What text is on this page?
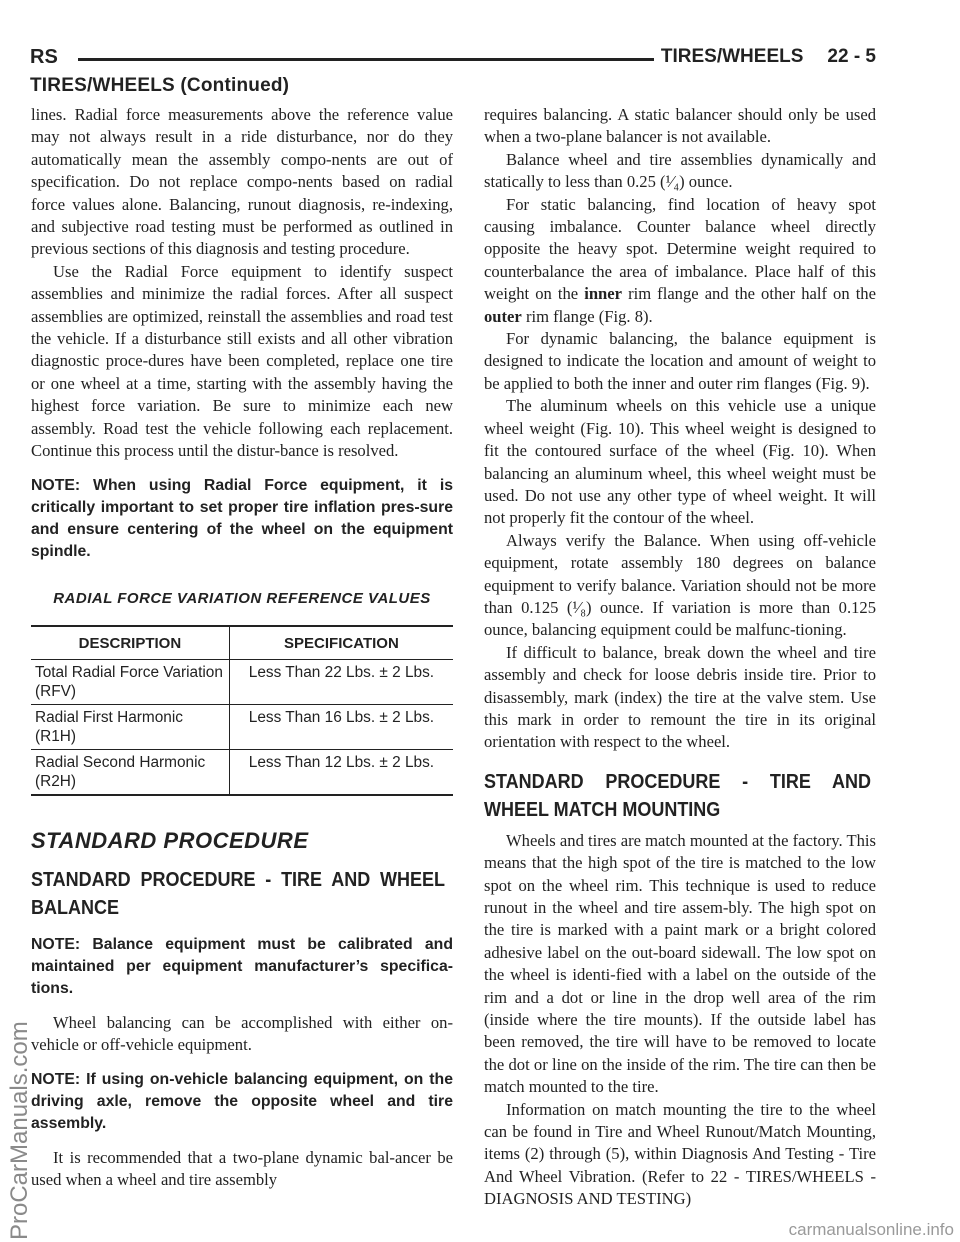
RS	TIRES/WHEELS 22 - 5
TIRES/WHEELS (Continued)

lines. Radial force measurements above the reference value may not always result in a ride disturbance, nor do they automatically mean the assembly compo-nents are out of specification. Do not replace compo-nents based on radial force values alone. Balancing, runout diagnosis, re-indexing, and subjective road testing must be performed as outlined in previous sections of this diagnosis and testing procedure.

Use the Radial Force equipment to identify suspect assemblies and minimize the radial forces. After all suspect assemblies are optimized, reinstall the assemblies and road test the vehicle. If a disturbance still exists and all other vibration diagnostic proce-dures have been completed, replace one tire or one wheel at a time, starting with the assembly having the highest force variation. Be sure to minimize each new assembly. Road test the vehicle following each replacement. Continue this process until the distur-bance is resolved.

NOTE: When using Radial Force equipment, it is critically important to set proper tire inflation pres-sure and ensure centering of the wheel on the equipment spindle.

RADIAL FORCE VARIATION REFERENCE VALUES
DESCRIPTION	SPECIFICATION
Total Radial Force Variation (RFV)	Less Than 22 Lbs. ± 2 Lbs.
Radial First Harmonic (R1H)	Less Than 16 Lbs. ± 2 Lbs.
Radial Second Harmonic (R2H)	Less Than 12 Lbs. ± 2 Lbs.
STANDARD PROCEDURE
STANDARD PROCEDURE - TIRE AND WHEEL BALANCE

NOTE: Balance equipment must be calibrated and maintained per equipment manufacturer’s specifica-tions.

Wheel balancing can be accomplished with either on-vehicle or off-vehicle equipment.

NOTE: If using on-vehicle balancing equipment, on the driving axle, remove the opposite wheel and tire assembly.

It is recommended that a two-plane dynamic bal-ancer be used when a wheel and tire assembly

requires balancing. A static balancer should only be used when a two-plane balancer is not available.

Balance wheel and tire assemblies dynamically and statically to less than 0.25 (¹⁄₄) ounce.

For static balancing, find location of heavy spot causing imbalance. Counter balance wheel directly opposite the heavy spot. Determine weight required to counterbalance the area of imbalance. Place half of this weight on the inner rim flange and the other half on the outer rim flange (Fig. 8).

For dynamic balancing, the balance equipment is designed to indicate the location and amount of weight to be applied to both the inner and outer rim flanges (Fig. 9).

The aluminum wheels on this vehicle use a unique wheel weight (Fig. 10). This wheel weight is designed to fit the contoured surface of the wheel (Fig. 10). When balancing an aluminum wheel, this wheel weight must be used. Do not use any other type of wheel weight. It will not properly fit the contour of the wheel.

Always verify the Balance. When using off-vehicle equipment, rotate assembly 180 degrees on balance equipment to verify balance. Variation should not be more than 0.125 (¹⁄₈) ounce. If variation is more than 0.125 ounce, balancing equipment could be malfunc-tioning.

If difficult to balance, break down the wheel and tire assembly and check for loose debris inside tire. Prior to disassembly, mark (index) the tire at the valve stem. Use this mark in order to remount the tire in its original orientation with respect to the wheel.

STANDARD PROCEDURE - TIRE AND WHEEL MATCH MOUNTING

Wheels and tires are match mounted at the factory. This means that the high spot of the tire is matched to the low spot on the wheel rim. This technique is used to reduce runout in the wheel and tire assem-bly. The high spot on the tire is marked with a paint mark or a bright colored adhesive label on the out-board sidewall. The low spot on the wheel is identi-fied with a label on the outside of the rim and a dot or line in the drop well area of the rim (inside where the tire mounts). If the outside label has been removed, the tire will have to be removed to locate the dot or line on the inside of the rim. The tire can then be match mounted to the tire.

Information on match mounting the tire to the wheel can be found in Tire and Wheel Runout/Match Mounting, items (2) through (5), within Diagnosis And Testing - Tire And Wheel Vibration. (Refer to 22 - TIRES/WHEELS - DIAGNOSIS AND TESTING)

ProCarManuals.com	carmanualsonline.info
